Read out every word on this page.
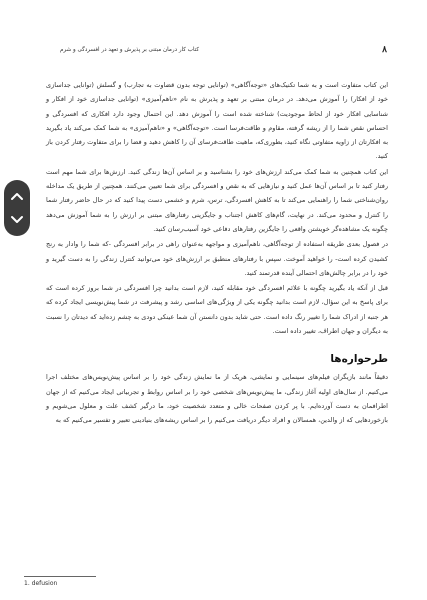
۸
کتاب کار درمان مبتنی بر پذیرش و تعهد در افسردگی و شرم

این کتاب متفاوت است و به شما تکنیک‌های «توجه‌آگاهی» (توانایی توجه بدون قضاوت به تجارب) و گسلش (توانایی جداسازی خود از افکار) را آموزش می‌دهد. در درمان مبتنی بر تعهد و پذیرش به نام «ناهم‌آمیزی» (توانایی جداسازی خود از افکار و شناسایی افکار خود از لحاظ موجودیت) شناخته شده است را آموزش دهد. این احتمال وجود دارد افکاری که افسردگی و احساس نقص شما را از ریشه گرفته، مقاوم و طاقت‌فرسا است. «توجه‌آگاهی» و «ناهم‌آمیزی» به شما کمک می‌کند یاد بگیرید به افکارتان از زاویه متفاوتی نگاه کنید، بطوری‌که، ماهیت طاقت‌فرسای آن را کاهش دهید و فضا را برای متفاوت رفتار کردن باز کنید.

این کتاب همچنین به شما کمک می‌کند ارزش‌های خود را بشناسید و بر اساس آن‌ها زندگی کنید. ارزش‌ها برای شما مهم است رفتار کنید تا بر اساس آن‌ها عمل کنید و نیازهایی که به نقص و افسردگی برای شما تعیین می‌کنند. همچنین از طریق یک مداخله روان‌شناختی شما را راهنمایی می‌کند تا به کاهش افسردگی، ترس، شرم و خشمی دست پیدا کنید که در حال حاضر رفتار شما را کنترل و محدود می‌کند. در نهایت، گام‌های کاهش اجتناب و جایگزینی رفتارهای مبتنی بر ارزش را به شما آموزش می‌دهد چگونه یک مشاهده‌گر خویشتن واقعی را جایگزین رفتارهای دفاعی خود آسیب‌رسان کنید.

در فصول بعدی طریقه استفاده از توجه‌آگاهی، ناهم‌آمیزی و مواجهه به‌عنوان راهی در برابر افسردگی -که شما را وادار به رنج کشیدن کرده است- را خواهید آموخت. سپس با رفتارهای منطبق بر ارزش‌های خود می‌توانید کنترل زندگی را به دست گیرید و خود را در برابر چالش‌های احتمالی آینده قدرتمند کنید.

قبل از آنکه یاد بگیرید چگونه با علائم افسردگی خود مقابله کنید، لازم است بدانید چرا افسردگی در شما بروز کرده است که برای پاسخ به این سؤال، لازم است بدانید چگونه یکی از ویژگی‌های اساسی رشد و پیشرفت در شما پیش‌نویسی ایجاد کرده که هر جنبه از ادراک شما را تغییر رنگ داده است. حتی شاید بدون دانستن آن شما عینکی دودی به چشم زده‌اید که دیدتان را نسبت به دیگران و جهان اطراف، تغییر داده است.

طرحواره‌ها

دقیقاً مانند بازیگران فیلم‌های سینمایی و نمایشی، هریک از ما نمایش زندگی خود را بر اساس پیش‌نویس‌های مختلف اجرا می‌کنیم. از سال‌های اولیه آغاز زندگی، ما پیش‌نویس‌های شخصی خود را بر اساس روابط و تجربیاتی ایجاد می‌کنیم که از جهان اطرافمان به دست آورده‌ایم. با پر کردن صفحات خالی و متعدد شخصیت خود، ما درگیر کشف علت و معلول می‌شویم و بازخوردهایی که از والدین، همسالان و افراد دیگر دریافت می‌کنیم را بر اساس ریشه‌های بنیادینی تعبیر و تفسیر می‌کنیم که به

1. defusion
